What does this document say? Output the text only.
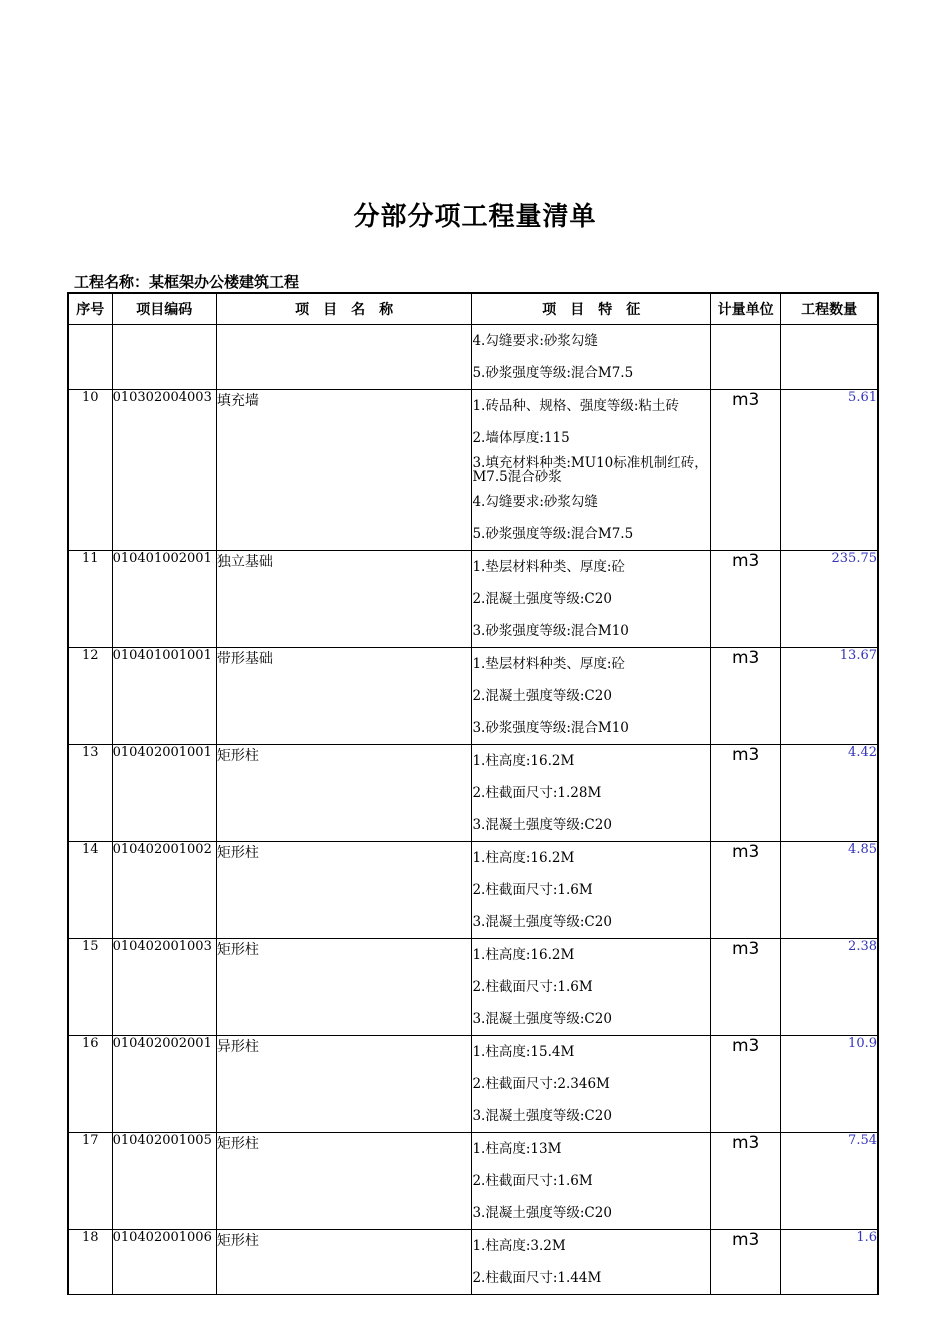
分部分项工程量清单
工程名称：某框架办公楼建筑工程
序号	项目编码	项　目　名　称	项　目　特　征	计量单位	工程数量

4.勾缝要求:砂浆勾缝
5.砂浆强度等级:混合M7.5		

10	010302004003	填充墙	1.砖品种、规格、强度等级:粘土砖
2.墙体厚度:115
3.填充材料种类:MU10标准机制红砖，M7.5混合砂浆
4.勾缝要求:砂浆勾缝
5.砂浆强度等级:混合M7.5	m3	5.61
11	010401002001	独立基础	1.垫层材料种类、厚度:砼
2.混凝土强度等级:C20
3.砂浆强度等级:混合M10	m3	235.75
12	010401001001	带形基础	1.垫层材料种类、厚度:砼
2.混凝土强度等级:C20
3.砂浆强度等级:混合M10	m3	13.67
13	010402001001	矩形柱	1.柱高度:16.2M
2.柱截面尺寸:1.28M
3.混凝土强度等级:C20	m3	4.42
14	010402001002	矩形柱	1.柱高度:16.2M
2.柱截面尺寸:1.6M
3.混凝土强度等级:C20	m3	4.85
15	010402001003	矩形柱	1.柱高度:16.2M
2.柱截面尺寸:1.6M
3.混凝土强度等级:C20	m3	2.38
16	010402002001	异形柱	1.柱高度:15.4M
2.柱截面尺寸:2.346M
3.混凝土强度等级:C20	m3	10.9
17	010402001005	矩形柱	1.柱高度:13M
2.柱截面尺寸:1.6M
3.混凝土强度等级:C20	m3	7.54
18	010402001006	矩形柱	1.柱高度:3.2M
2.柱截面尺寸:1.44M	m3	1.6
